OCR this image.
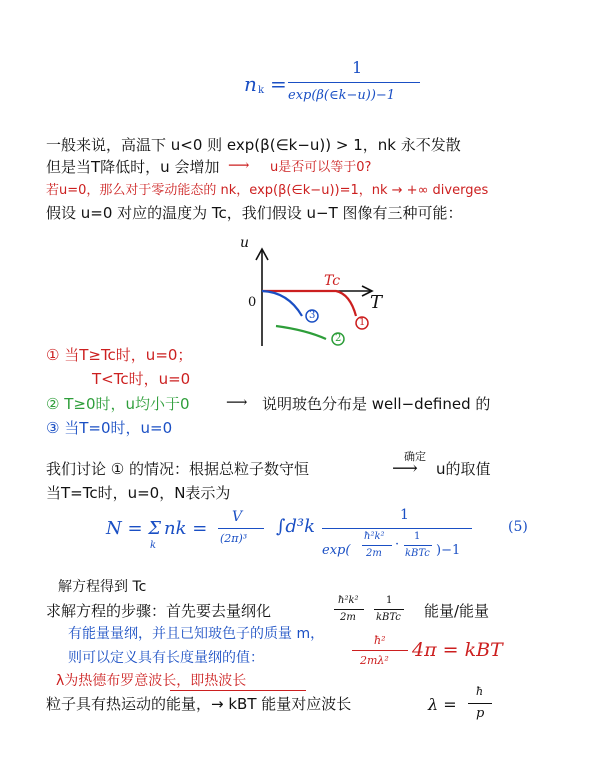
n k =
1
exp(β(∈k−u))−1
一般来说，高温下 u<0 则 exp(β(∈k−u)) > 1，nk 永不发散
但是当T降低时，u 会增加 ⟶ u是否可以等于0?
若u=0，那么对于零动能态的 nk，exp(β(∈k−u))=1，nk → +∞ diverges
假设 u=0 对应的温度为 Tc，我们假设 u−T 图像有三种可能：
u
T
0
Tc
1
3
2
① 当T≥Tc时，u=0；
T<Tc时，u=0
② T≥0时，u均小于0 ⟶ 说明玻色分布是 well−defined 的
③ 当T=0时，u=0
我们讨论 ① 的情况：根据总粒子数守恒
确定
⟶ u的取值
当T=Tc时，u=0，N表示为
N = Σ
k
nk =
V
(2π)³
∫d³k
1
exp(
ħ²k²
2m
·
1
kBTc )−1
(5)
解方程得到 Tc
求解方程的步骤：首先要去量纲化
ħ²k²
2m
1
kBTc 能量/能量
有能量量纲，并且已知玻色子的质量 m，
则可以定义具有长度量纲的值：
ħ²
2mλ² 4π = kBT
λ为热德布罗意波长，即热波长
粒子具有热运动的能量，→ kBT 能量对应波长	λ =
ħ
p
